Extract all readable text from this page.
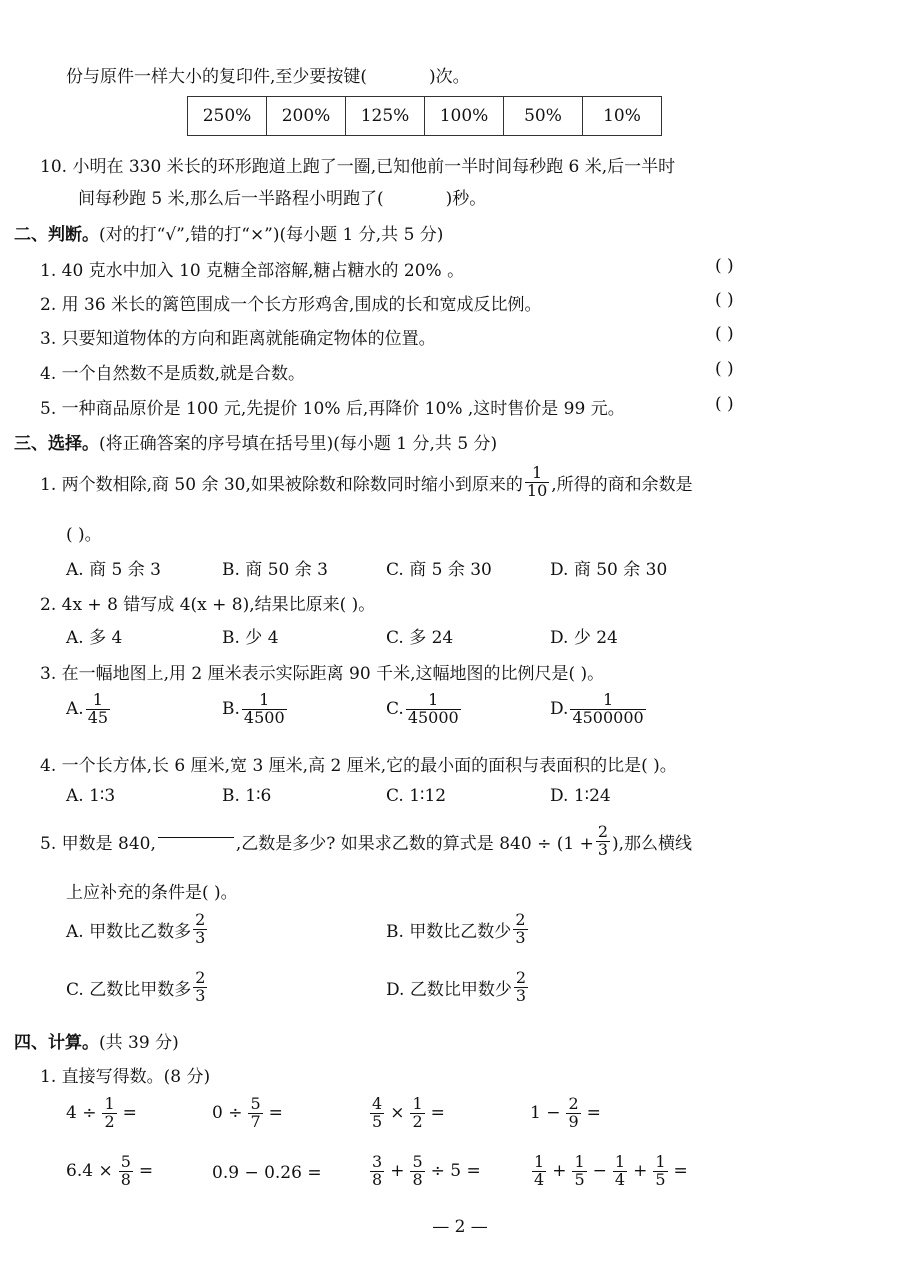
份与原件一样大小的复印件,至少要按键(	)次。
250%	200%	125%	100%	50%	10%
10. 小明在 330 米长的环形跑道上跑了一圈,已知他前一半时间每秒跑 6 米,后一半时
间每秒跑 5 米,那么后一半路程小明跑了(	)秒。
二、判断。(对的打“√”,错的打“×”)(每小题 1 分,共 5 分)
1. 40 克水中加入 10 克糖全部溶解,糖占糖水的 20% 。	( )
2. 用 36 米长的篱笆围成一个长方形鸡舍,围成的长和宽成反比例。	( )
3. 只要知道物体的方向和距离就能确定物体的位置。	( )
4. 一个自然数不是质数,就是合数。	( )
5. 一种商品原价是 100 元,先提价 10% 后,再降价 10% ,这时售价是 99 元。	( )
三、选择。(将正确答案的序号填在括号里)(每小题 1 分,共 5 分)
1. 两个数相除,商 50 余 30,如果被除数和除数同时缩小到原来的 $\frac{1}{10}$ ,所得的商和余数是
( )。
A. 商 5 余 3	B. 商 50 余 3	C. 商 5 余 30	D. 商 50 余 30
2. 4x + 8 错写成 4(x + 8),结果比原来( )。
A. 多 4	B. 少 4	C. 多 24	D. 少 24
3. 在一幅地图上,用 2 厘米表示实际距离 90 千米,这幅地图的比例尺是( )。
A. $\frac{1}{45}$	B. $\frac{1}{4500}$	C. $\frac{1}{45000}$	D. $\frac{1}{4500000}$
4. 一个长方体,长 6 厘米,宽 3 厘米,高 2 厘米,它的最小面的面积与表面积的比是( )。
A. 1∶3	B. 1∶6	C. 1∶12	D. 1∶24
5. 甲数是 840,	,乙数是多少? 如果求乙数的算式是 $840 \div (1 + \frac{2}{3}$ ),那么横线
上应补充的条件是( )。
A. 甲数比乙数多 $\frac{2}{3}$	B. 甲数比乙数少 $\frac{2}{3}$
C. 乙数比甲数多 $\frac{2}{3}$	D. 乙数比甲数少 $\frac{2}{3}$
四、计算。(共 39 分)
1. 直接写得数。(8 分)
$4 \div \frac{1}{2}$ =	$0 \div \frac{5}{7}$ =	$\frac{4}{5} \times \frac{1}{2}$ =	$1 - \frac{2}{9}$ =
$6.4 \times \frac{5}{8}$ =	0.9 − 0.26 =	$\frac{3}{8} + \frac{5}{8} \div 5$ =	$\frac{1}{4} + \frac{1}{5} - \frac{1}{4} + \frac{1}{5}$ =
— 2 —
